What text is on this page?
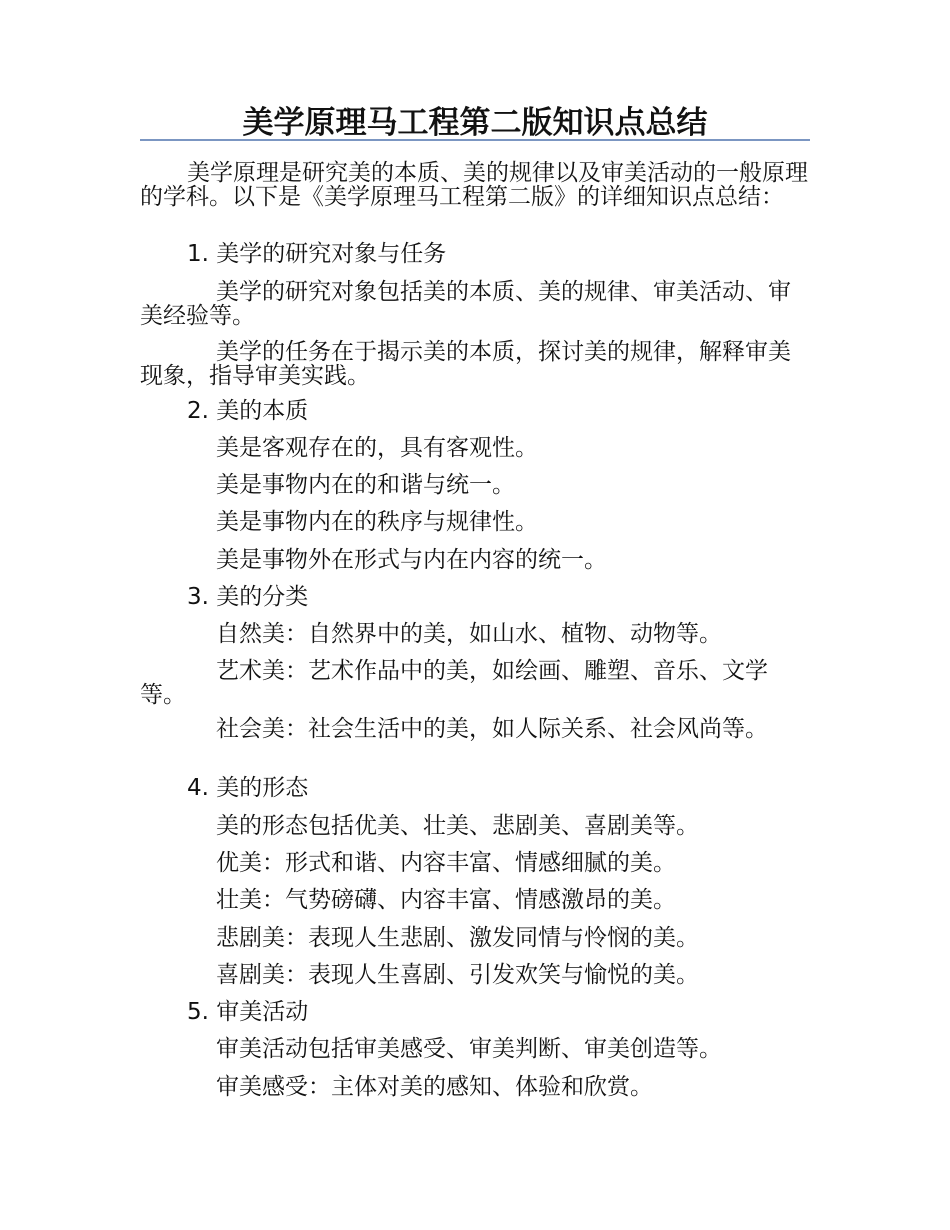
美学原理马工程第二版知识点总结
美学原理是研究美的本质、美的规律以及审美活动的一般原理的学科。以下是《美学原理马工程第二版》的详细知识点总结：
1. 美学的研究对象与任务
美学的研究对象包括美的本质、美的规律、审美活动、审美经验等。
美学的任务在于揭示美的本质，探讨美的规律，解释审美现象，指导审美实践。
2. 美的本质
美是客观存在的，具有客观性。
美是事物内在的和谐与统一。
美是事物内在的秩序与规律性。
美是事物外在形式与内在内容的统一。
3. 美的分类
自然美：自然界中的美，如山水、植物、动物等。
艺术美：艺术作品中的美，如绘画、雕塑、音乐、文学等。
社会美：社会生活中的美，如人际关系、社会风尚等。
4. 美的形态
美的形态包括优美、壮美、悲剧美、喜剧美等。
优美：形式和谐、内容丰富、情感细腻的美。
壮美：气势磅礴、内容丰富、情感激昂的美。
悲剧美：表现人生悲剧、激发同情与怜悯的美。
喜剧美：表现人生喜剧、引发欢笑与愉悦的美。
5. 审美活动
审美活动包括审美感受、审美判断、审美创造等。
审美感受：主体对美的感知、体验和欣赏。
